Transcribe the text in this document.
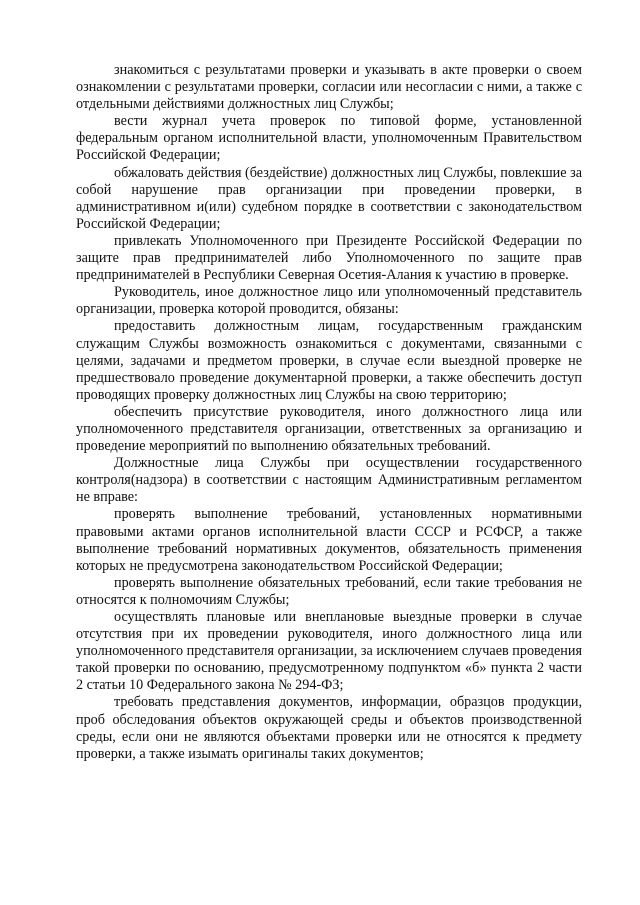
знакомиться с результатами проверки и указывать в акте проверки о своем ознакомлении с результатами проверки, согласии или несогласии с ними, а также с отдельными действиями должностных лиц Службы;

вести журнал учета проверок по типовой форме, установленной федеральным органом исполнительной власти, уполномоченным Правительством Российской Федерации;

обжаловать действия (бездействие) должностных лиц Службы, повлекшие за собой нарушение прав организации при проведении проверки, в административном и(или) судебном порядке в соответствии с законодательством Российской Федерации;

привлекать Уполномоченного при Президенте Российской Федерации по защите прав предпринимателей либо Уполномоченного по защите прав предпринимателей в Республики Северная Осетия-Алания к участию в проверке.

Руководитель, иное должностное лицо или уполномоченный представитель организации, проверка которой проводится, обязаны:

предоставить должностным лицам, государственным гражданским служащим Службы возможность ознакомиться с документами, связанными с целями, задачами и предметом проверки, в случае если выездной проверке не предшествовало проведение документарной проверки, а также обеспечить доступ проводящих проверку должностных лиц Службы на свою территорию;

обеспечить присутствие руководителя, иного должностного лица или уполномоченного представителя организации, ответственных за организацию и проведение мероприятий по выполнению обязательных требований.

Должностные лица Службы при осуществлении государственного контроля(надзора) в соответствии с настоящим Административным регламентом не вправе:

проверять выполнение требований, установленных нормативными правовыми актами органов исполнительной власти СССР и РСФСР, а также выполнение требований нормативных документов, обязательность применения которых не предусмотрена законодательством Российской Федерации;

проверять выполнение обязательных требований, если такие требования не относятся к полномочиям Службы;

осуществлять плановые или внеплановые выездные проверки в случае отсутствия при их проведении руководителя, иного должностного лица или уполномоченного представителя организации, за исключением случаев проведения такой проверки по основанию, предусмотренному подпунктом «б» пункта 2 части 2 статьи 10 Федерального закона № 294-ФЗ;

требовать представления документов, информации, образцов продукции, проб обследования объектов окружающей среды и объектов производственной среды, если они не являются объектами проверки или не относятся к предмету проверки, а также изымать оригиналы таких документов;
